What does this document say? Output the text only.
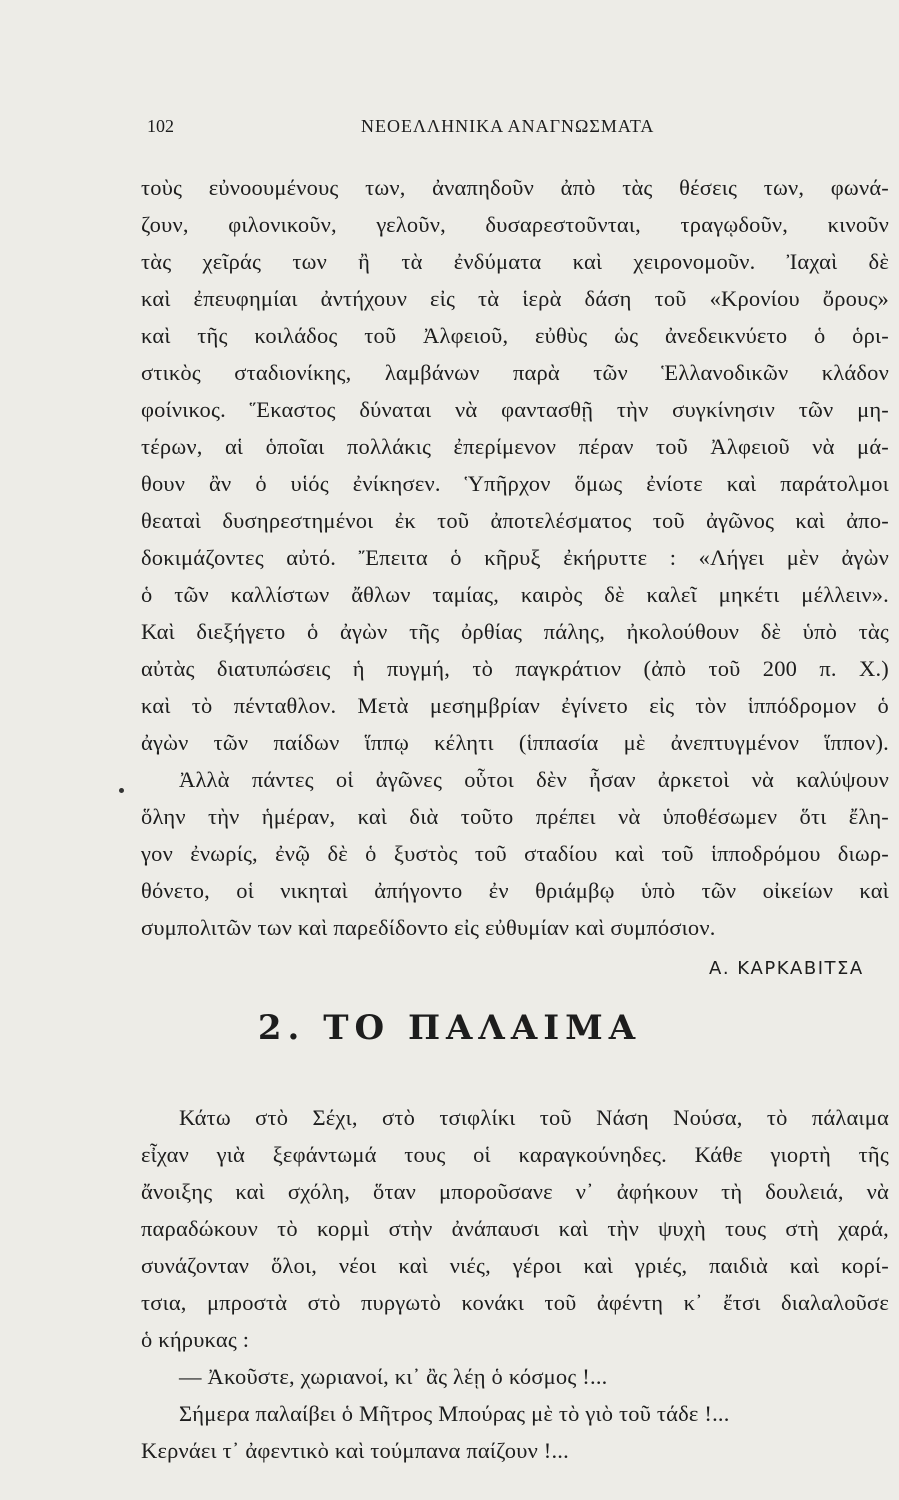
102	ΝΕΟΕΛΛΗΝΙΚΑ ΑΝΑΓΝΩΣΜΑΤΑ
τοὺς εὐνοουμένους των, ἀναπηδοῦν ἀπὸ τὰς θέσεις των, φωνά-
ζουν, φιλονικοῦν, γελοῦν, δυσαρεστοῦνται, τραγῳδοῦν, κινοῦν
τὰς χεῖράς των ἢ τὰ ἐνδύματα καὶ χειρονομοῦν. Ἰαχαὶ δὲ
καὶ ἐπευφημίαι ἀντήχουν εἰς τὰ ἱερὰ δάση τοῦ «Κρονίου ὄρους»
καὶ τῆς κοιλάδος τοῦ Ἀλφειοῦ, εὐθὺς ὡς ἀνεδεικνύετο ὁ ὁρι-
στικὸς σταδιονίκης, λαμβάνων παρὰ τῶν Ἑλλανοδικῶν κλάδον
φοίνικος. Ἕκαστος δύναται νὰ φαντασθῇ τὴν συγκίνησιν τῶν μη-
τέρων, αἱ ὁποῖαι πολλάκις ἐπερίμενον πέραν τοῦ Ἀλφειοῦ νὰ μά-
θουν ἂν ὁ υἱός ἐνίκησεν. Ὑπῆρχον ὅμως ἐνίοτε καὶ παράτολμοι
θεαταὶ δυσηρεστημένοι ἐκ τοῦ ἀποτελέσματος τοῦ ἀγῶνος καὶ ἀπο-
δοκιμάζοντες αὐτό. Ἔπειτα ὁ κῆρυξ ἐκήρυττε : «Λήγει μὲν ἀγὼν
ὁ τῶν καλλίστων ἄθλων ταμίας, καιρὸς δὲ καλεῖ μηκέτι μέλλειν».
Καὶ διεξήγετο ὁ ἀγὼν τῆς ὀρθίας πάλης, ἠκολούθουν δὲ ὑπὸ τὰς
αὐτὰς διατυπώσεις ἡ πυγμή, τὸ παγκράτιον (ἀπὸ τοῦ 200 π. Χ.)
καὶ τὸ πένταθλον. Μετὰ μεσημβρίαν ἐγίνετο εἰς τὸν ἱππόδρομον ὁ
ἀγὼν τῶν παίδων ἵππῳ κέλητι (ἱππασία μὲ ἀνεπτυγμένον ἵππον).
Ἀλλὰ πάντες οἱ ἀγῶνες οὗτοι δὲν ἦσαν ἀρκετοὶ νὰ καλύψουν
ὅλην τὴν ἡμέραν, καὶ διὰ τοῦτο πρέπει νὰ ὑποθέσωμεν ὅτι ἔλη-
γον ἐνωρίς, ἐνῷ δὲ ὁ ξυστὸς τοῦ σταδίου καὶ τοῦ ἱπποδρόμου διωρ-
θόνετο, οἱ νικηταὶ ἀπήγοντο ἐν θριάμβῳ ὑπὸ τῶν οἰκείων καὶ
συμπολιτῶν των καὶ παρεδίδοντο εἰς εὐθυμίαν καὶ συμπόσιον.
Α. ΚΑΡΚΑΒΙΤΣΑ
2. ΤΟ ΠΑΛΑΙΜΑ
Κάτω στὸ Σέχι, στὸ τσιφλίκι τοῦ Νάση Νούσα, τὸ πάλαιμα
εἶχαν γιὰ ξεφάντωμά τους οἱ καραγκούνηδες. Κάθε γιορτὴ τῆς
ἄνοιξης καὶ σχόλη, ὅταν μποροῦσανε ν᾽ ἀφήκουν τὴ δουλειά, νὰ
παραδώκουν τὸ κορμὶ στὴν ἀνάπαυσι καὶ τὴν ψυχὴ τους στὴ χαρά,
συνάζονταν ὅλοι, νέοι καὶ νιές, γέροι καὶ γριές, παιδιὰ καὶ κορί-
τσια, μπροστὰ στὸ πυργωτὸ κονάκι τοῦ ἀφέντη κ᾽ ἔτσι διαλαλοῦσε
ὁ κήρυκας :
— Ἀκοῦστε, χωριανοί, κι᾽ ἂς λέῃ ὁ κόσμος !...
Σήμερα παλαίβει ὁ Μῆτρος Μπούρας μὲ τὸ γιὸ τοῦ τάδε !...
Κερνάει τ᾽ ἀφεντικὸ καὶ τούμπανα παίζουν !...
